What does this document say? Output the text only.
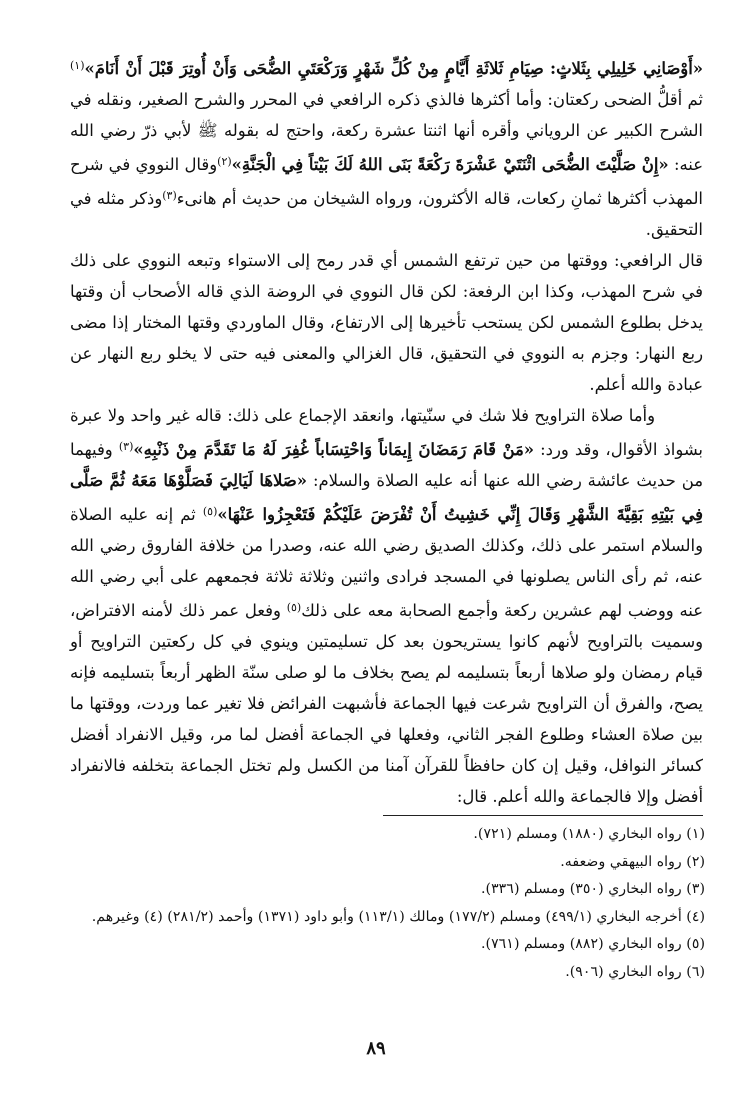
«أَوْصَانِي خَلِيلِي بِثَلاثٍ: صِيَامِ ثَلاثَةِ أَيَّامٍ مِنْ كُلِّ شَهْرٍ وَرَكْعَتَيِ الضُّحَى وَأَنْ أُوتِرَ قَبْلَ أَنْ أَنَامَ»$^{(١)}$ ثم أقلُّ الضحى ركعتان: وأما أكثرها فالذي ذكره الرافعي في المحرر والشرح الصغير، ونقله في الشرح الكبير عن الروياني وأقره أنها اثنتا عشرة ركعة، واحتج له بقوله ﷺ لأبي ذرّ رضي الله عنه: «إِنْ صَلَّيْتَ الضُّحَى اثْنَتَيْ عَشْرَةَ رَكْعَةً بَنَى اللهُ لَكَ بَيْتاً فِي الْجَنَّةِ»$^{(٢)}$وقال النووي في شرح المهذب أكثرها ثمانِ ركعات، قاله الأكثرون، ورواه الشيخان من حديث أم هانىء$^{(٣)}$وذكر مثله في التحقيق.

قال الرافعي: ووقتها من حين ترتفع الشمس أي قدر رمح إلى الاستواء وتبعه النووي على ذلك في شرح المهذب، وكذا ابن الرفعة: لكن قال النووي في الروضة الذي قاله الأصحاب أن وقتها يدخل بطلوع الشمس لكن يستحب تأخيرها إلى الارتفاع، وقال الماوردي وقتها المختار إذا مضى ربع النهار: وجزم به النووي في التحقيق، قال الغزالي والمعنى فيه حتى لا يخلو ربع النهار عن عبادة والله أعلم.

وأما صلاة التراويح فلا شك في سنّيتها، وانعقد الإجماع على ذلك: قاله غير واحد ولا عبرة بشواذ الأقوال، وقد ورد: «مَنْ قَامَ رَمَضَانَ إِيمَاناً وَاحْتِسَاباً غُفِرَ لَهُ مَا تَقَدَّمَ مِنْ ذَنْبِهِ»$^{(٣)}$ وفيهما من حديث عائشة رضي الله عنها أنه عليه الصلاة والسلام: «صَلاهَا لَيَالِيَ فَصَلَّوْهَا مَعَهُ ثُمَّ صَلَّى فِي بَيْتِهِ بَقِيَّةَ الشَّهْرِ وَقَالَ إِنِّي خَشِيتُ أَنْ تُفْرَضَ عَلَيْكُمْ فَتَعْجِزُوا عَنْهَا»$^{(٥)}$ ثم إنه عليه الصلاة والسلام استمر على ذلك، وكذلك الصديق رضي الله عنه، وصدرا من خلافة الفاروق رضي الله عنه، ثم رأى الناس يصلونها في المسجد فرادى واثنين وثلاثة ثلاثة فجمعهم على أبي رضي الله عنه ووضب لهم عشرين ركعة وأجمع الصحابة معه على ذلك$^{(٥)}$ وفعل عمر ذلك لأمنه الافتراض، وسميت بالتراويح لأنهم كانوا يستريحون بعد كل تسليمتين وينوي في كل ركعتين التراويح أو قيام رمضان ولو صلاها أربعاً بتسليمه لم يصح بخلاف ما لو صلى سنّة الظهر أربعاً بتسليمه فإنه يصح، والفرق أن التراويح شرعت فيها الجماعة فأشبهت الفرائض فلا تغير عما وردت، ووقتها ما بين صلاة العشاء وطلوع الفجر الثاني، وفعلها في الجماعة أفضل لما مر، وقيل الانفراد أفضل كسائر النوافل، وقيل إن كان حافظاً للقرآن آمنا من الكسل ولم تختل الجماعة بتخلفه فالانفراد أفضل وإلا فالجماعة والله أعلم. قال:

(١) رواه البخاري (١٨٨٠) ومسلم (٧٢١).

(٢) رواه البيهقي وضعفه.

(٣) رواه البخاري (٣٥٠) ومسلم (٣٣٦).

(٤) أخرجه البخاري (٤٩٩/١) ومسلم (١٧٧/٢) ومالك (١١٣/١) وأبو داود (١٣٧١) وأحمد (٢٨١/٢) (٤) وغيرهم.

(٥) رواه البخاري (٨٨٢) ومسلم (٧٦١).

(٦) رواه البخاري (٩٠٦).

٨٩
